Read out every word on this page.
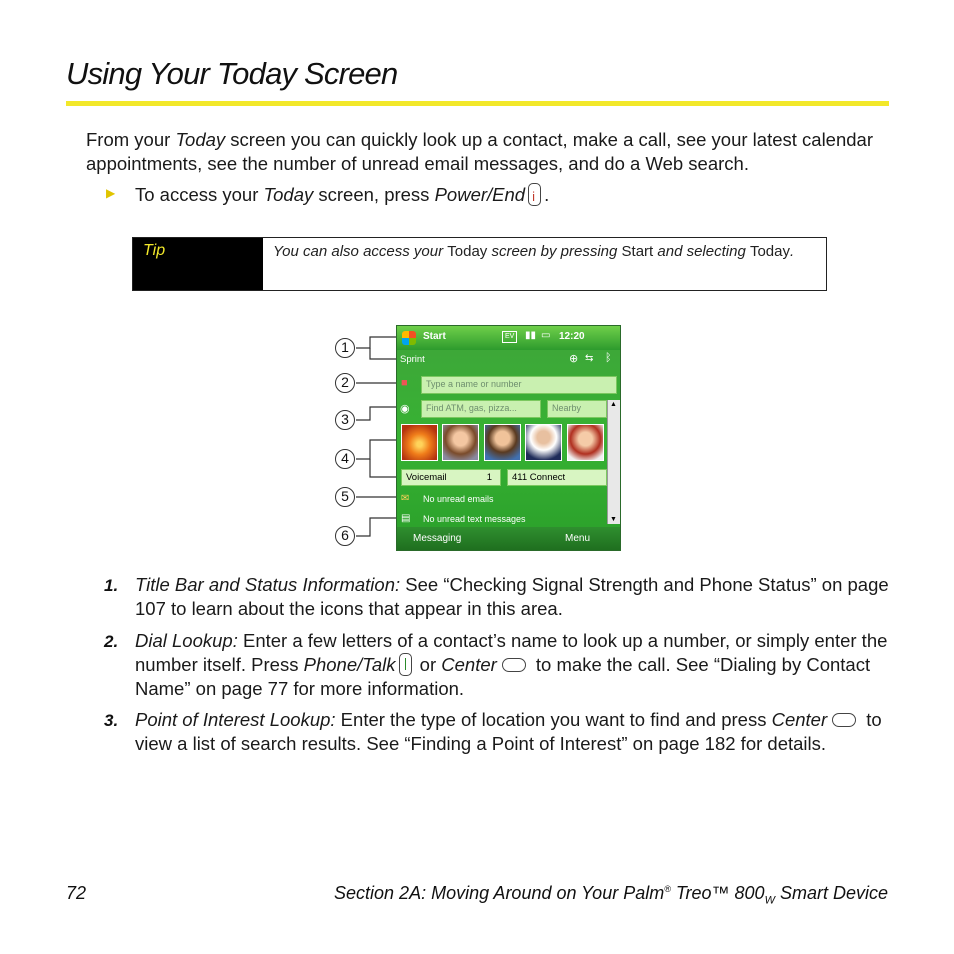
Using Your Today Screen
From your Today screen you can quickly look up a contact, make a call, see your latest calendar appointments, see the number of unread email messages, and do a Web search.
▶ To access your Today screen, press Power/Endi .
Tip	You can also access your Today screen by pressing Start and selecting Today.
1
2
3
4
5
6
Start	EV	▮▮ ▭ 12:20
Sprint	⊕ ⇆ ᛒ
■	Type a name or number
◉	Find ATM, gas, pizza...	Nearby
▲ ▼
Voicemail	1	411 Connect
✉ No unread emails
▤ No unread text messages
Messaging	Menu
1. Title Bar and Status Information: See “Checking Signal Strength and Phone Status” on page 107 to learn about the icons that appear in this area.
2. Dial Lookup: Enter a few letters of a contact’s name to look up a number, or simply enter the number itself. Press Phone/Talk or Center to make the call. See “Dialing by Contact Name” on page 77 for more information.
3. Point of Interest Lookup: Enter the type of location you want to find and press Center to view a list of search results. See “Finding a Point of Interest” on page 182 for details.
72	Section 2A: Moving Around on Your Palm® Treo™ $800_W$ Smart Device
